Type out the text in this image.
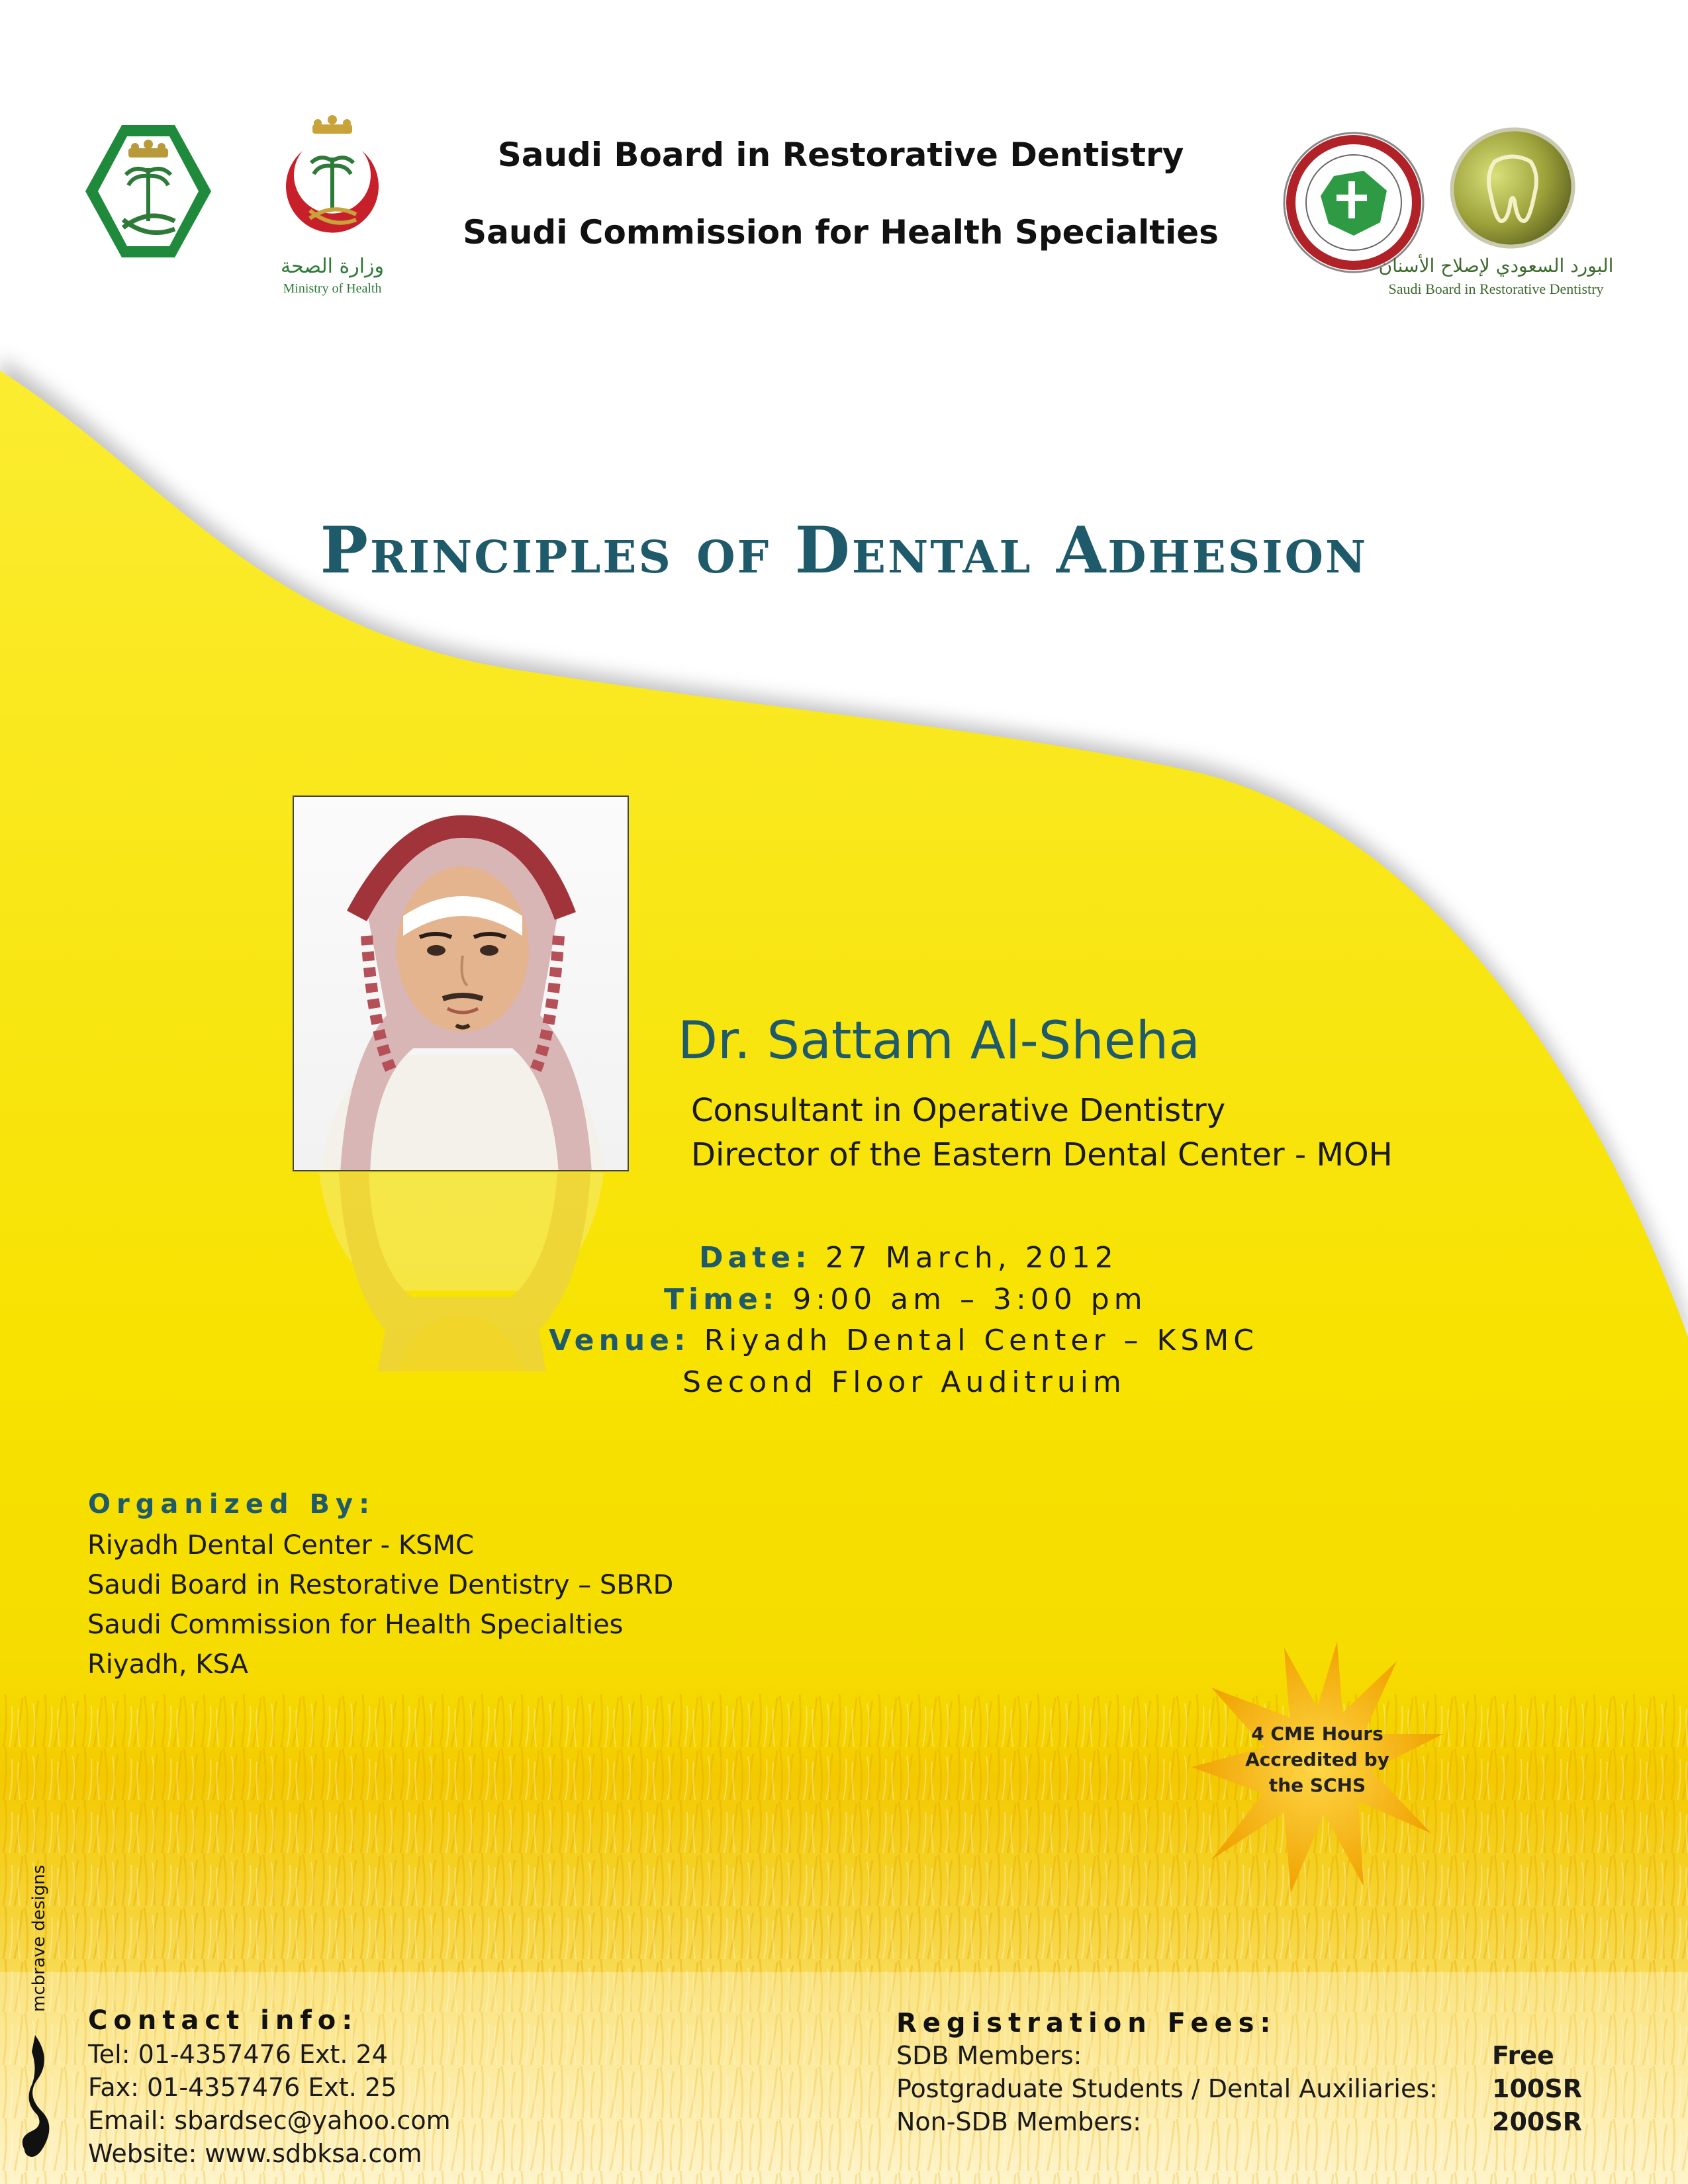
وزارة الصحة
Ministry of Health
Saudi Board in Restorative Dentistry
Saudi Commission for Health Specialties
البورد السعودي لإصلاح الأسنان
Saudi Board in Restorative Dentistry
Principles of Dental Adhesion
Dr. Sattam Al-Sheha
Consultant in Operative Dentistry
Director of the Eastern Dental Center - MOH
Date: 27 March, 2012
Time: 9:00 am – 3:00 pm
Venue: Riyadh Dental Center – KSMC
Second Floor Auditruim
Organized By:
Riyadh Dental Center - KSMC
Saudi Board in Restorative Dentistry – SBRD
Saudi Commission for Health Specialties
Riyadh, KSA
4 CME Hours
Accredited by
the SCHS
Contact info:
Tel: 01-4357476 Ext. 24
Fax: 01-4357476 Ext. 25
Email: sbardsec@yahoo.com
Website: www.sdbksa.com
Registration Fees:
SDB Members:	Free
Postgraduate Students / Dental Auxiliaries: 100SR
Non-SDB Members:	200SR
mcbrave designs
